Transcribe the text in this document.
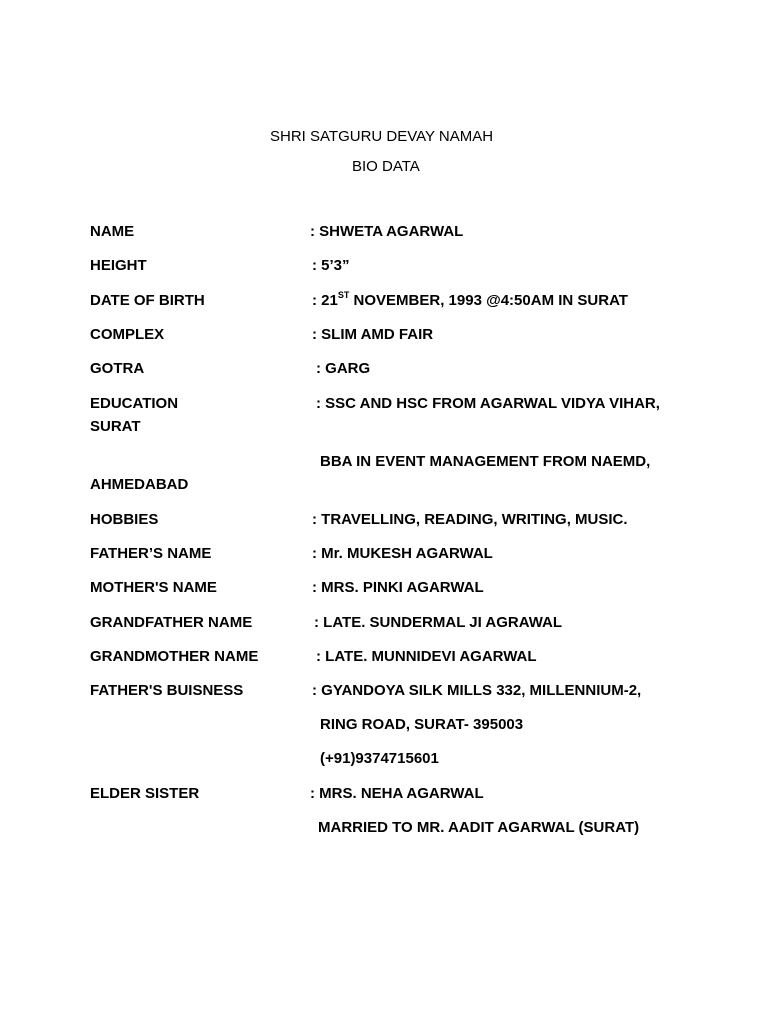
SHRI SATGURU DEVAY NAMAH
BIO DATA
NAME	: SHWETA AGARWAL
HEIGHT	: 5’3”
DATE OF BIRTH	: 21ST NOVEMBER, 1993 @4:50AM IN SURAT
COMPLEX	: SLIM AMD FAIR
GOTRA	: GARG
EDUCATION	: SSC AND HSC FROM AGARWAL VIDYA VIHAR,
SURAT
BBA IN EVENT MANAGEMENT FROM NAEMD,
AHMEDABAD
HOBBIES	: TRAVELLING, READING, WRITING, MUSIC.
FATHER’S NAME	: Mr. MUKESH AGARWAL
MOTHER'S NAME	: MRS. PINKI AGARWAL
GRANDFATHER NAME	: LATE. SUNDERMAL JI AGRAWAL
GRANDMOTHER NAME	: LATE. MUNNIDEVI AGARWAL
FATHER'S BUISNESS	: GYANDOYA SILK MILLS 332, MILLENNIUM-2,
RING ROAD, SURAT- 395003
(+91)9374715601
ELDER SISTER	: MRS. NEHA AGARWAL
MARRIED TO MR. AADIT AGARWAL (SURAT)
